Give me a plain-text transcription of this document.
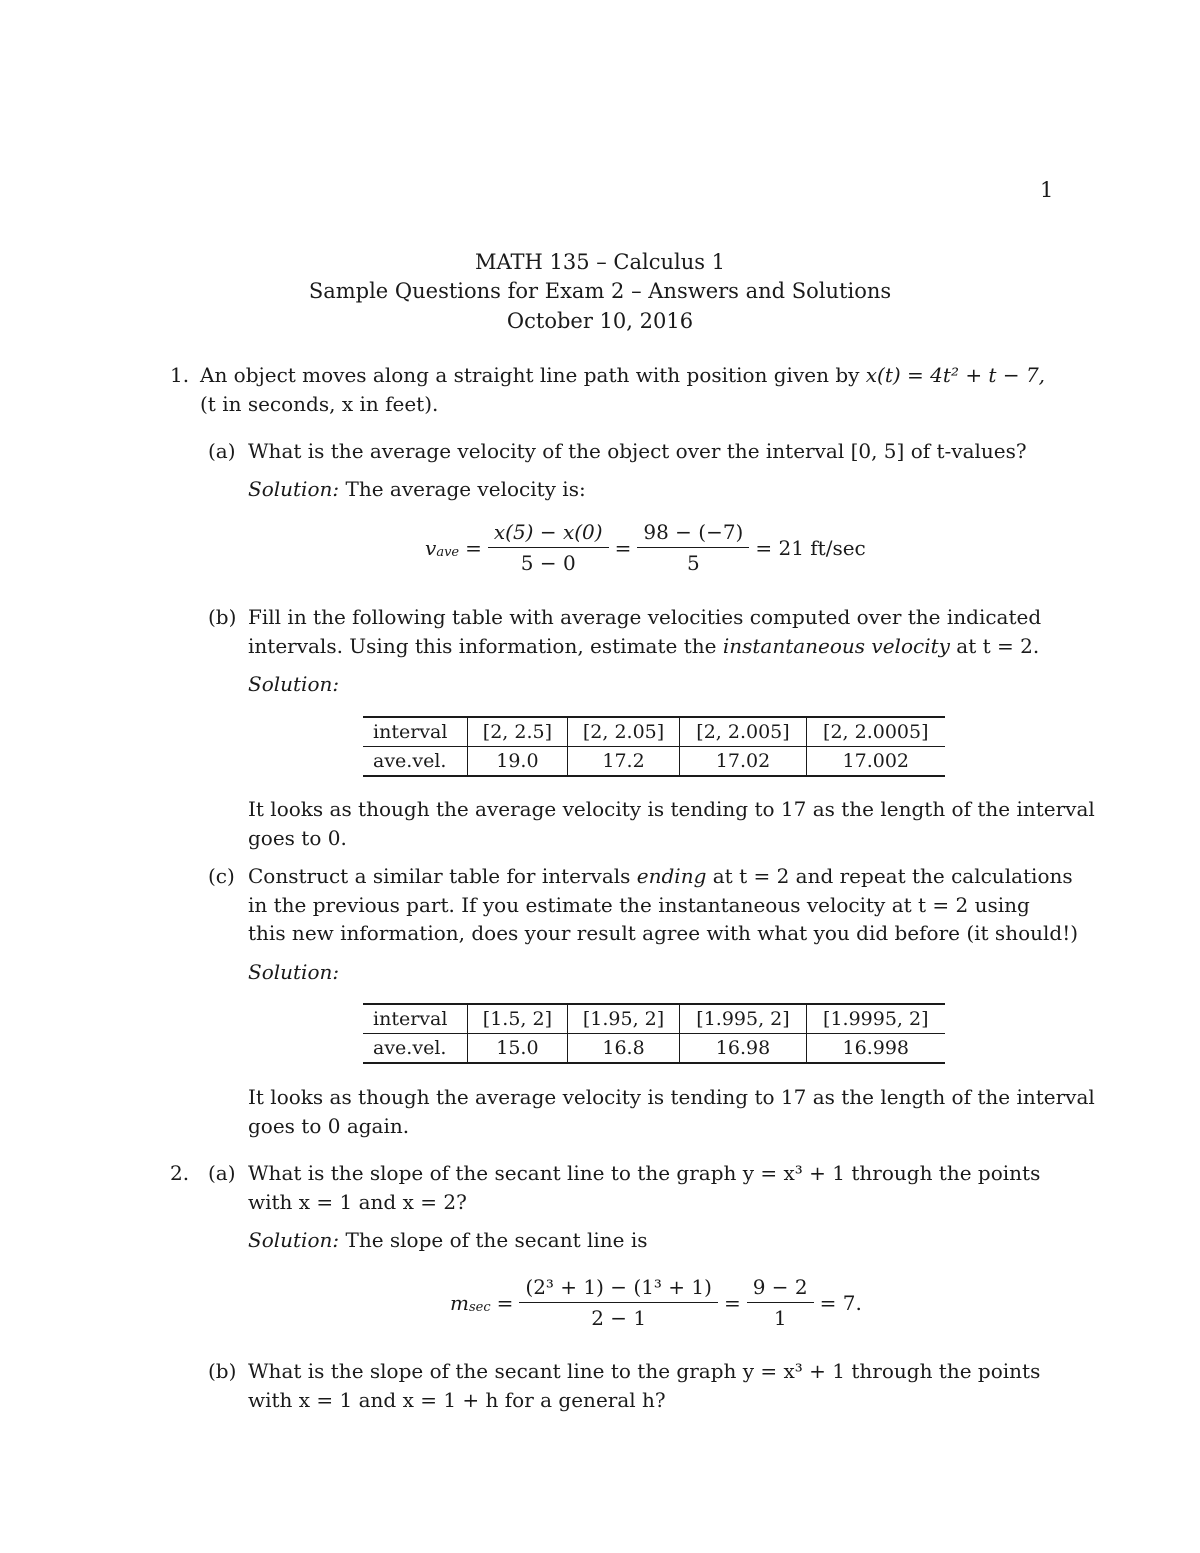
1
MATH 135 – Calculus 1
Sample Questions for Exam 2 – Answers and Solutions
October 10, 2016
1. An object moves along a straight line path with position given by x(t) = 4t² + t − 7,
(t in seconds, x in feet).
(a) What is the average velocity of the object over the interval [0, 5] of t-values?
Solution: The average velocity is:
v ave = $\frac{x(5) - x(0)}{5 - 0} = \frac{98 - (-7)}{5} = 21$ ft/sec
(b) Fill in the following table with average velocities computed over the indicated
intervals. Using this information, estimate the instantaneous velocity at t = 2.
Solution:
interval	[2, 2.5]	[2, 2.05]	[2, 2.005]	[2, 2.0005]
ave.vel.	19.0	17.2	17.02	17.002
It looks as though the average velocity is tending to 17 as the length of the interval
goes to 0.
(c) Construct a similar table for intervals ending at t = 2 and repeat the calculations
in the previous part. If you estimate the instantaneous velocity at t = 2 using
this new information, does your result agree with what you did before (it should!)
Solution:
interval	[1.5, 2]	[1.95, 2]	[1.995, 2]	[1.9995, 2]
ave.vel.	15.0	16.8	16.98	16.998
It looks as though the average velocity is tending to 17 as the length of the interval
goes to 0 again.
2. (a) What is the slope of the secant line to the graph y = x³ + 1 through the points
with x = 1 and x = 2?
Solution: The slope of the secant line is
m $\sec = \frac{\text{(2³ + 1) − (1³ + 1)}}{2 - 1} = \frac{9 - 2}{1} = 7$.
(b) What is the slope of the secant line to the graph y = x³ + 1 through the points
with x = 1 and x = 1 + h for a general h?
